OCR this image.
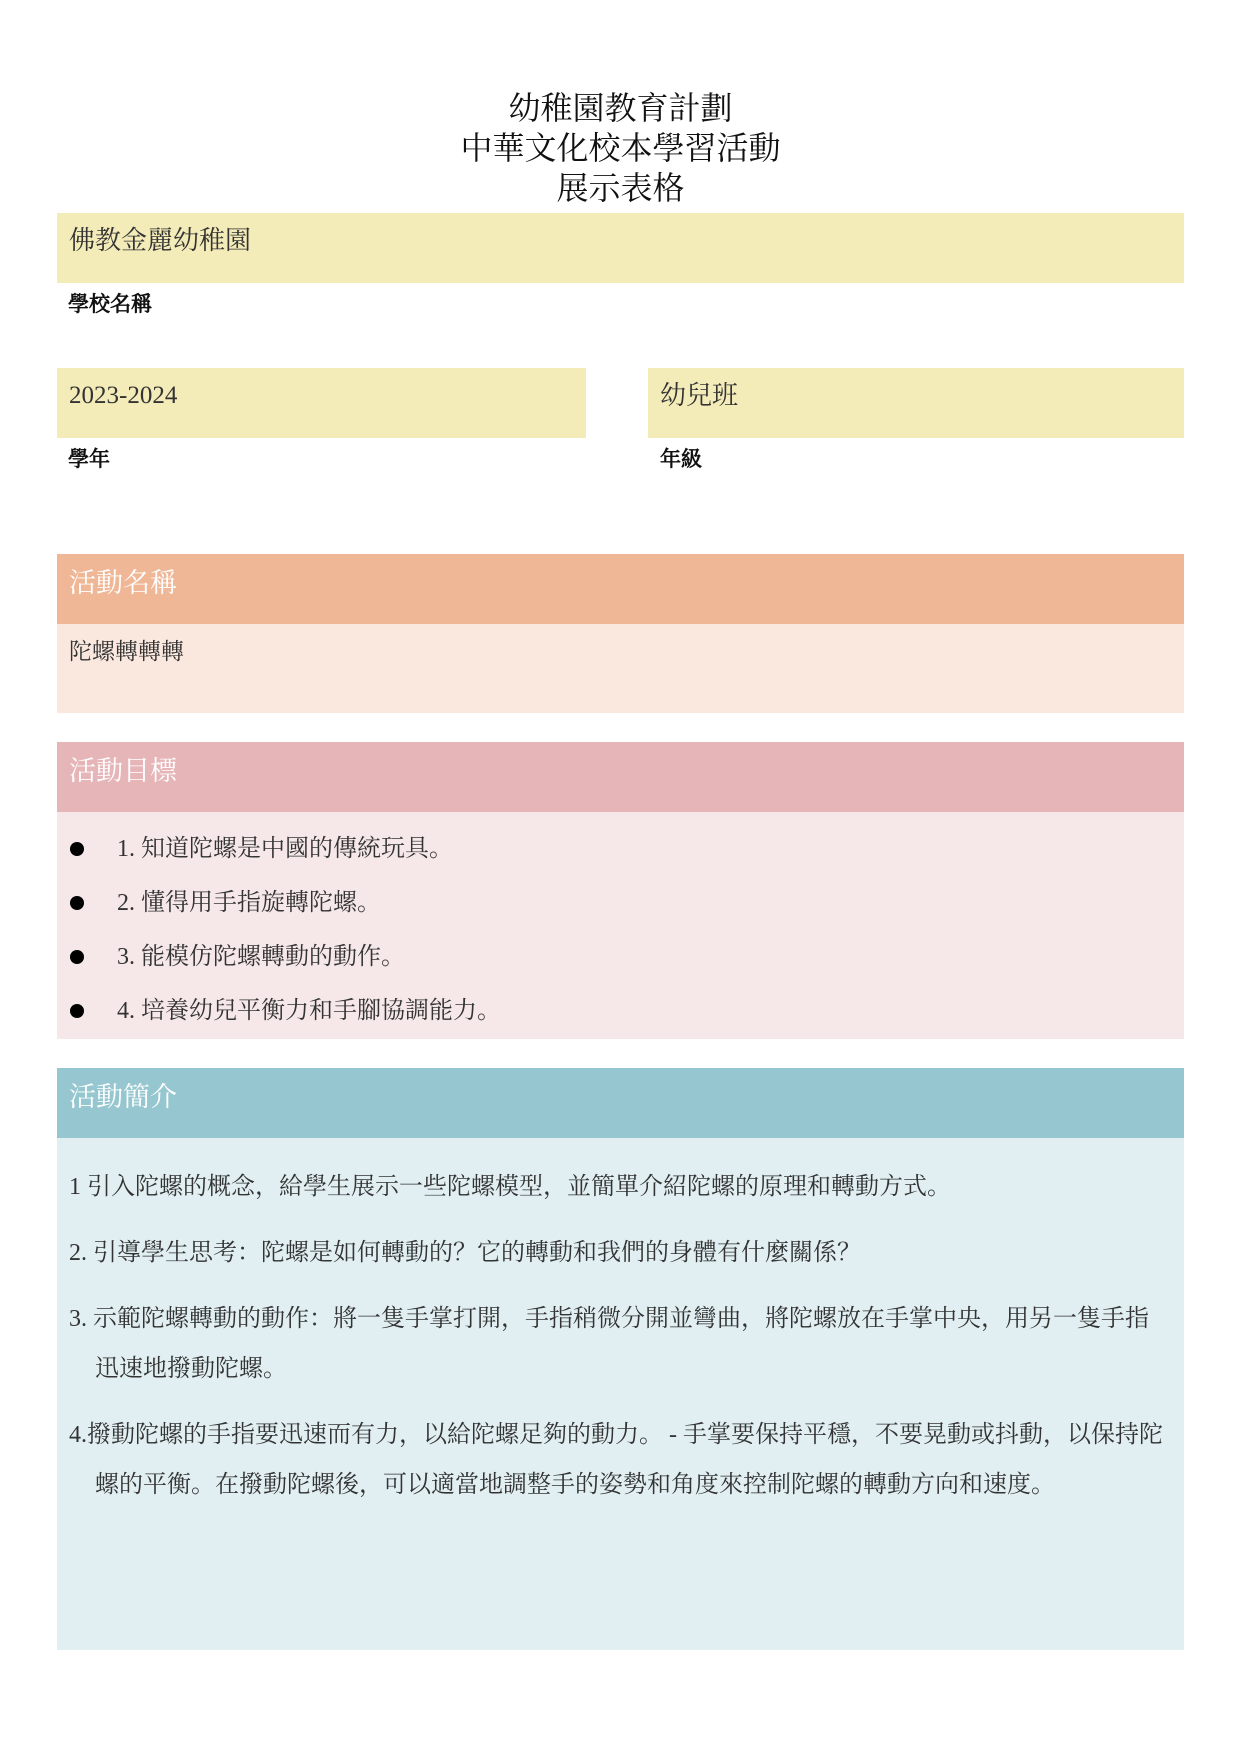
幼稚園教育計劃
中華文化校本學習活動
展示表格
佛教金麗幼稚園
學校名稱
2023-2024
學年
幼兒班
年級
活動名稱
陀螺轉轉轉
活動目標
1. 知道陀螺是中國的傳統玩具。
2. 懂得用手指旋轉陀螺。
3. 能模仿陀螺轉動的動作。
4. 培養幼兒平衡力和手腳協調能力。
活動簡介
1 引入陀螺的概念，給學生展示一些陀螺模型，並簡單介紹陀螺的原理和轉動方式。
2. 引導學生思考：陀螺是如何轉動的？它的轉動和我們的身體有什麼關係？
3. 示範陀螺轉動的動作：將一隻手掌打開，手指稍微分開並彎曲，將陀螺放在手掌中央，用另一隻手指迅速地撥動陀螺。
4.撥動陀螺的手指要迅速而有力，以給陀螺足夠的動力。 - 手掌要保持平穩，不要晃動或抖動，以保持陀螺的平衡。在撥動陀螺後，可以適當地調整手的姿勢和角度來控制陀螺的轉動方向和速度。
